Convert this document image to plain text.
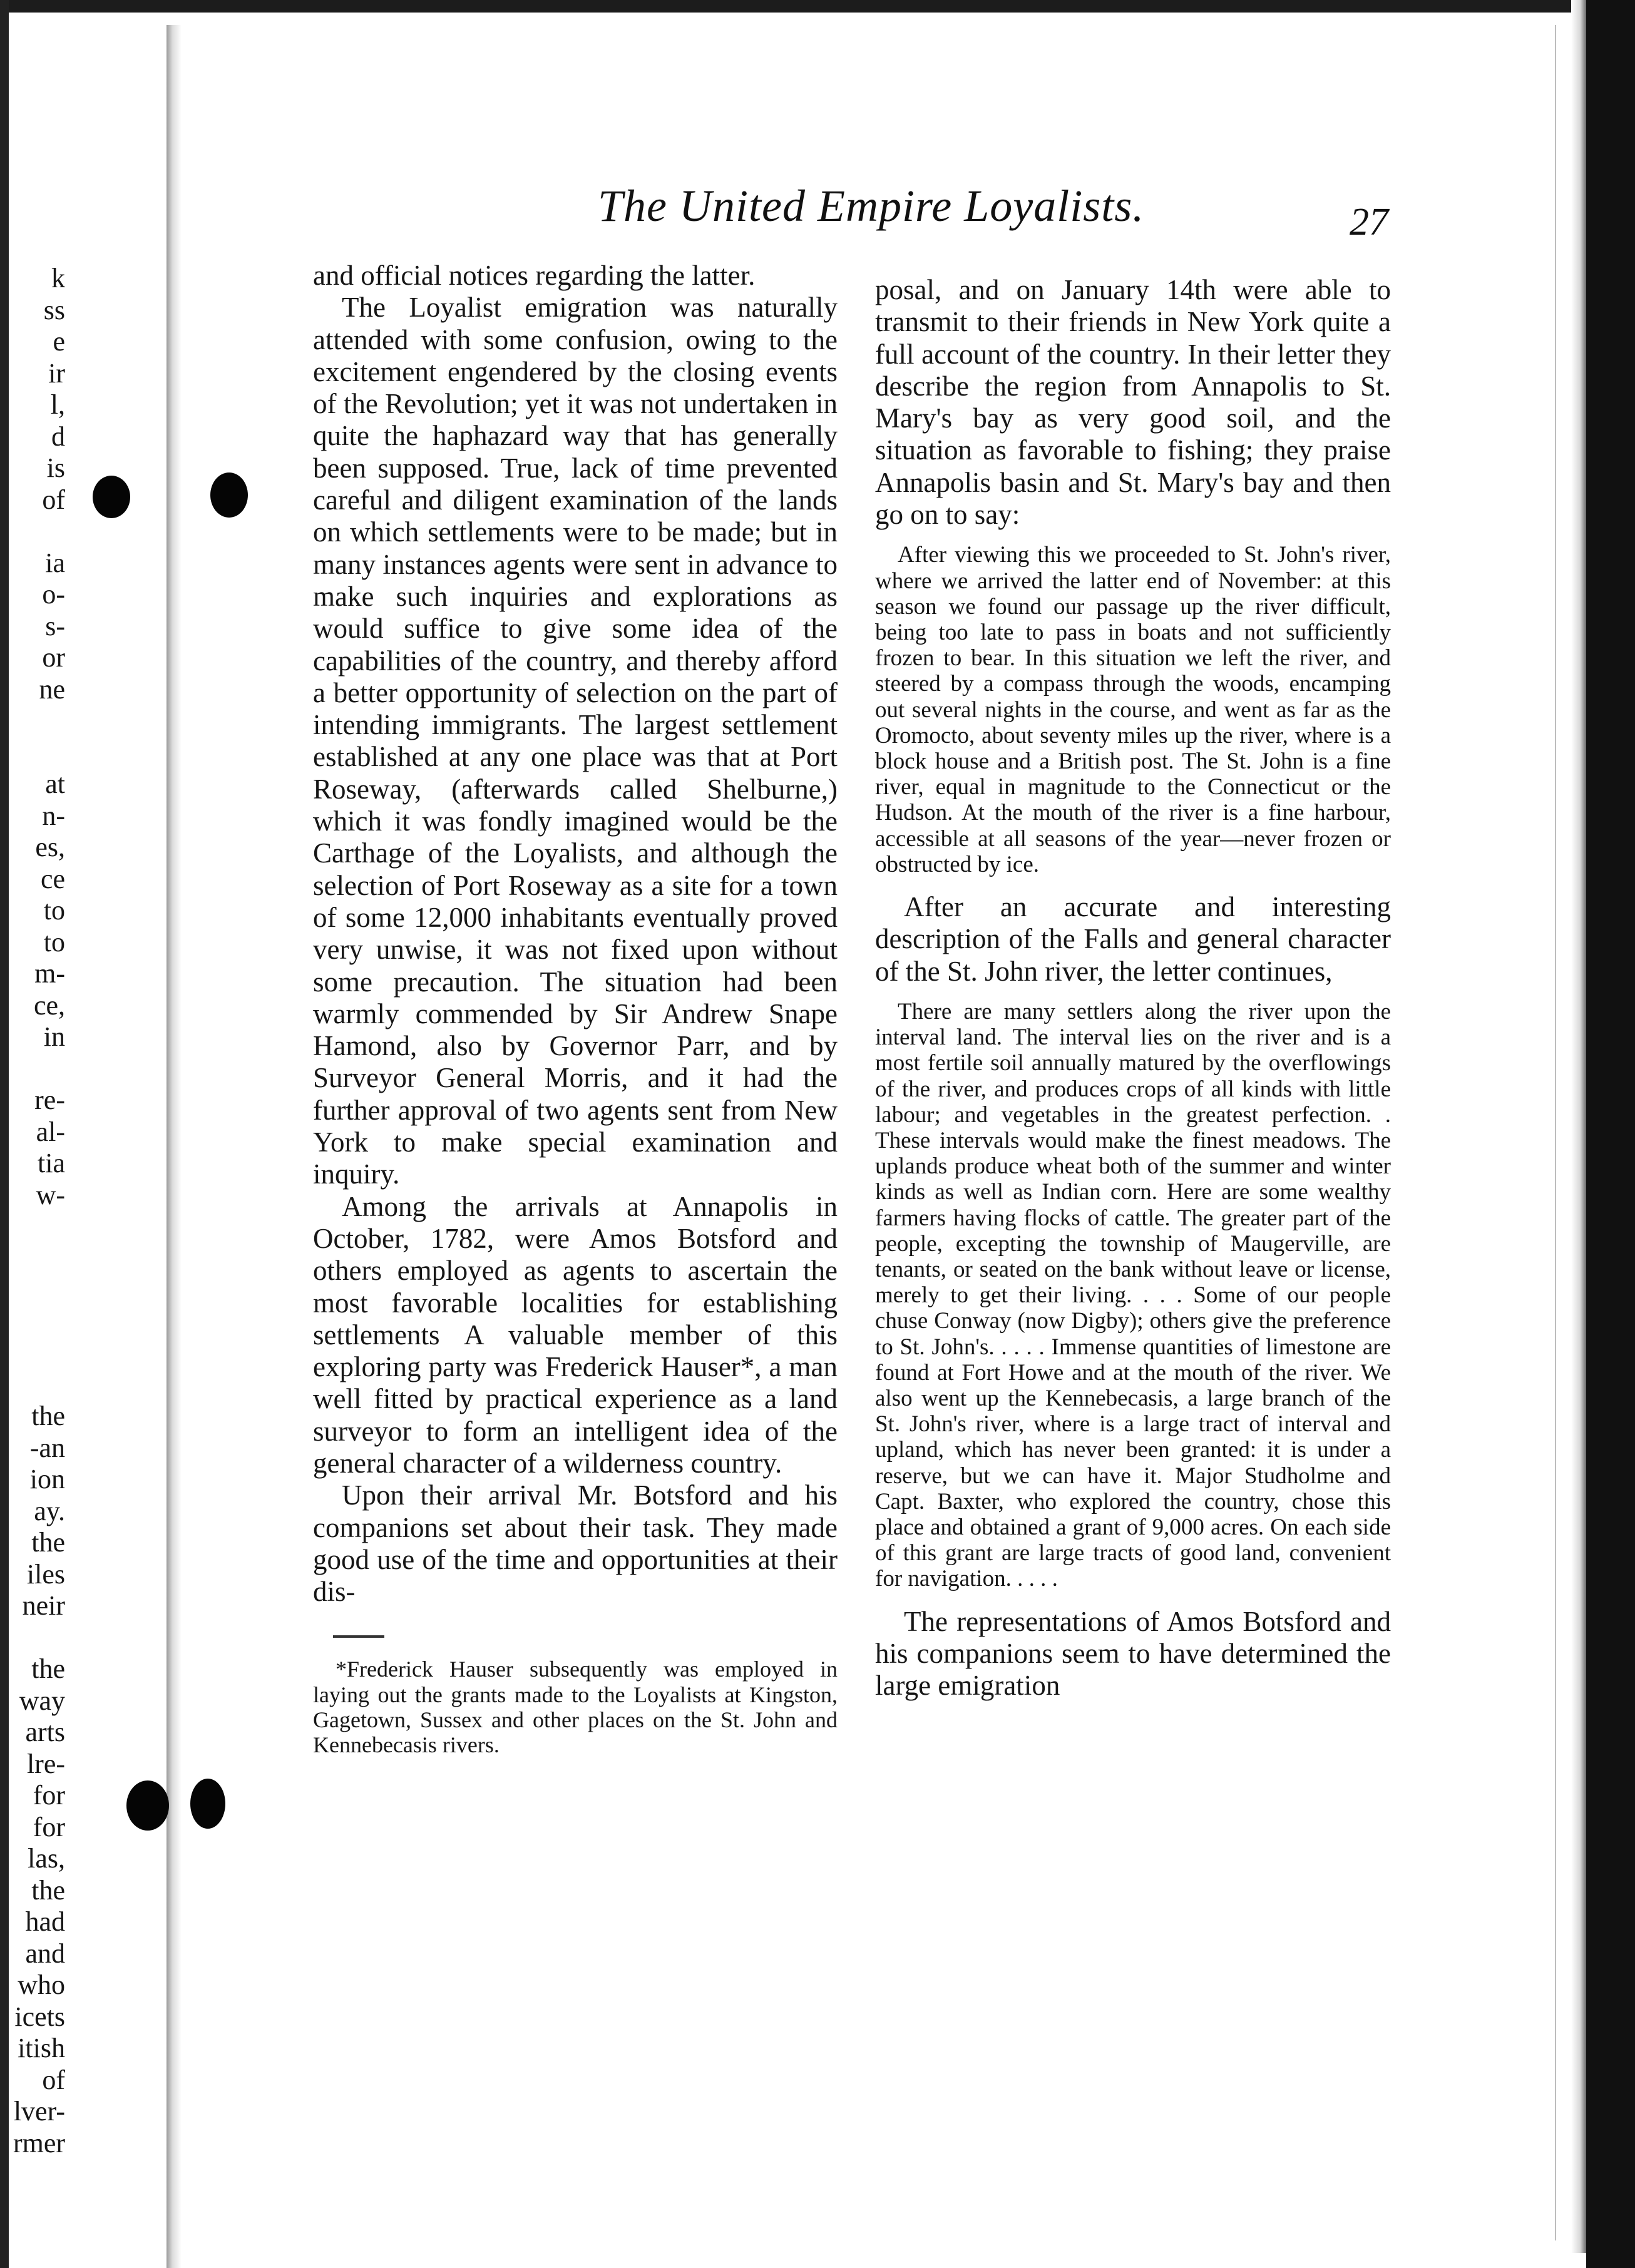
k
ss
e
ir
l,
d
is
of
ia
o-
s-
or
ne
at
n-
es,
ce
to
to
m-
ce,
in
re-
al-
tia
w-
the
-an
ion
ay.
the
iles
neir
the
way
arts
lre-
for
for
las,
the
had
and
who
icets
itish
of
lver-
rmer
The United Empire Loyalists.	27

and official notices regarding the latter.

The Loyalist emigration was naturally attended with some confusion, owing to the excitement engendered by the closing events of the Revolution; yet it was not undertaken in quite the haphazard way that has generally been supposed. True, lack of time prevented careful and diligent examination of the lands on which settlements were to be made; but in many instances agents were sent in advance to make such inquiries and explorations as would suffice to give some idea of the capabilities of the country, and thereby afford a better opportunity of selection on the part of intending immigrants. The largest settlement established at any one place was that at Port Roseway, (afterwards called Shelburne,) which it was fondly imagined would be the Carthage of the Loyalists, and although the selection of Port Roseway as a site for a town of some 12,000 inhabitants eventually proved very unwise, it was not fixed upon without some precaution. The situation had been warmly commended by Sir Andrew Snape Hamond, also by Governor Parr, and by Surveyor General Morris, and it had the further approval of two agents sent from New York to make special examination and inquiry.

Among the arrivals at Annapolis in October, 1782, were Amos Botsford and others employed as agents to ascertain the most favorable localities for establishing settlements A valuable member of this exploring party was Frederick Hauser*, a man well fitted by practical experience as a land surveyor to form an intelligent idea of the general character of a wilderness country.

Upon their arrival Mr. Botsford and his companions set about their task. They made good use of the time and opportunities at their dis-

*Frederick Hauser subsequently was employed in laying out the grants made to the Loyalists at Kingston, Gagetown, Sussex and other places on the St. John and Kennebecasis rivers.

posal, and on January 14th were able to transmit to their friends in New York quite a full account of the country. In their letter they describe the region from Annapolis to St. Mary's bay as very good soil, and the situation as favorable to fishing; they praise Annapolis basin and St. Mary's bay and then go on to say:

After viewing this we proceeded to St. John's river, where we arrived the latter end of November: at this season we found our passage up the river difficult, being too late to pass in boats and not sufficiently frozen to bear. In this situation we left the river, and steered by a compass through the woods, encamping out several nights in the course, and went as far as the Oromocto, about seventy miles up the river, where is a block house and a British post. The St. John is a fine river, equal in magnitude to the Connecticut or the Hudson. At the mouth of the river is a fine harbour, accessible at all seasons of the year—never frozen or obstructed by ice.

After an accurate and interesting description of the Falls and general character of the St. John river, the letter continues,

There are many settlers along the river upon the interval land. The interval lies on the river and is a most fertile soil annually matured by the overflowings of the river, and produces crops of all kinds with little labour; and vegetables in the greatest perfection. . These intervals would make the finest meadows. The uplands produce wheat both of the summer and winter kinds as well as Indian corn. Here are some wealthy farmers having flocks of cattle. The greater part of the people, excepting the township of Maugerville, are tenants, or seated on the bank without leave or license, merely to get their living. . . . Some of our people chuse Conway (now Digby); others give the preference to St. John's. . . . . Immense quantities of limestone are found at Fort Howe and at the mouth of the river. We also went up the Kennebecasis, a large branch of the St. John's river, where is a large tract of interval and upland, which has never been granted: it is under a reserve, but we can have it. Major Studholme and Capt. Baxter, who explored the country, chose this place and obtained a grant of 9,000 acres. On each side of this grant are large tracts of good land, convenient for navigation. . . . .

The representations of Amos Botsford and his companions seem to have determined the large emigration
